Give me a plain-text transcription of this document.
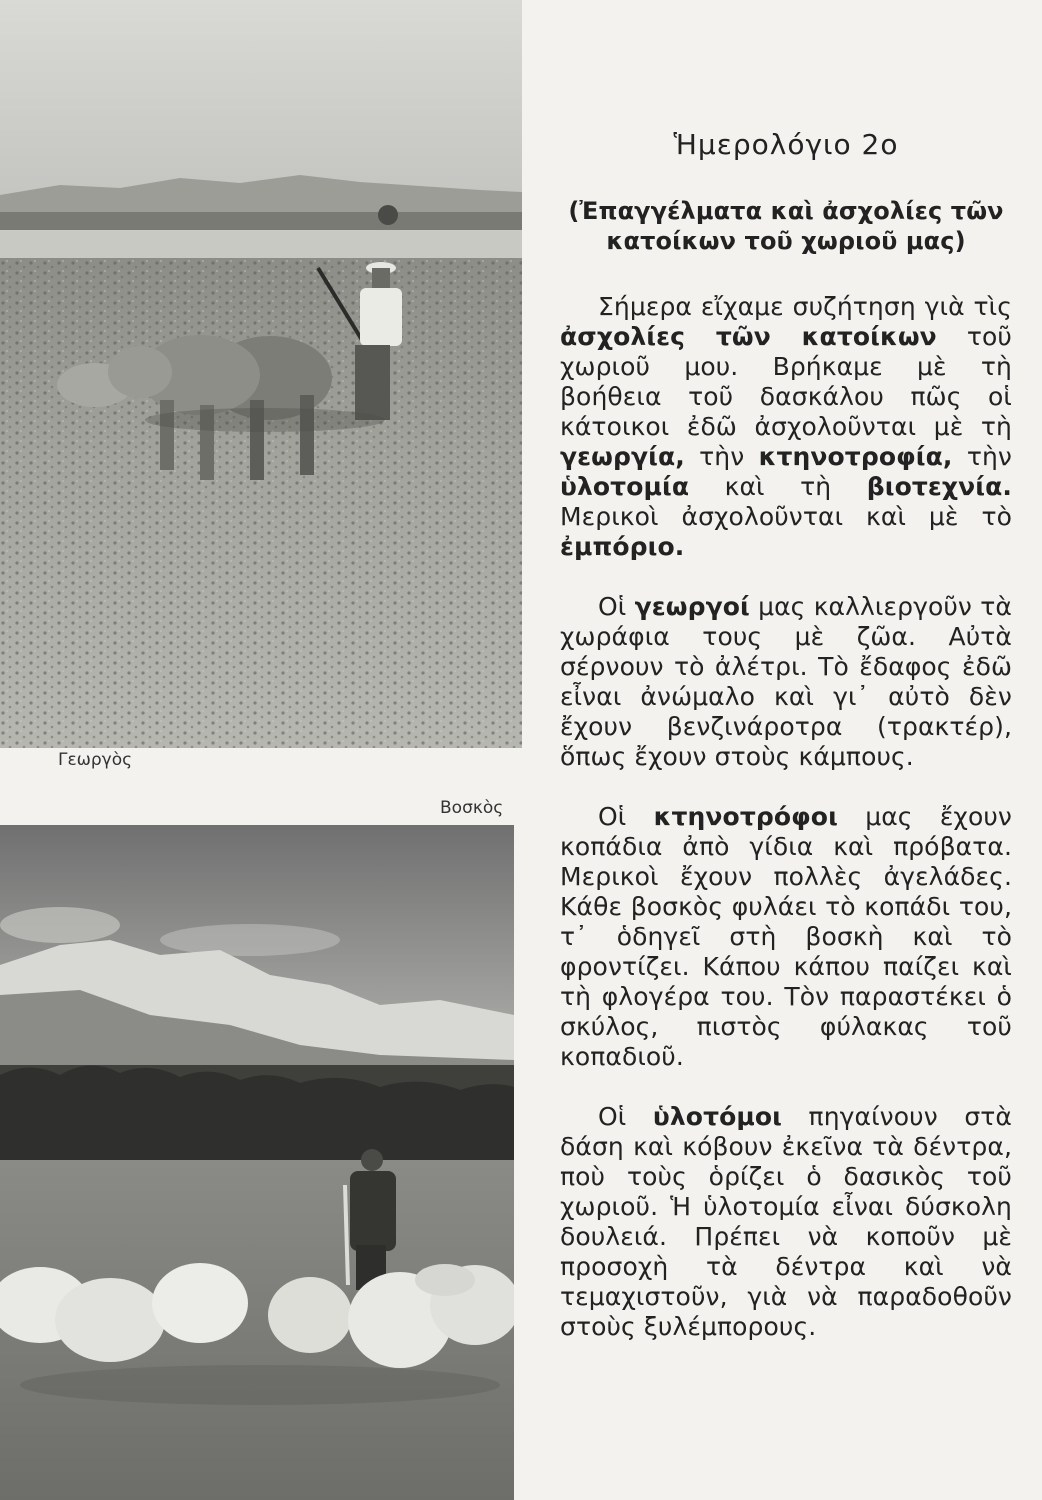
Γεωργὸς
Βοσκὸς
Ἡμερολόγιο 2ο
(Ἐπαγγέλματα καὶ ἀσχολίες τῶν κατοίκων τοῦ χωριοῦ μας)

Σήμερα εἴχαμε συζήτηση γιὰ τὶς ἀσχολίες τῶν κατοίκων τοῦ χωριοῦ μου. Βρήκαμε μὲ τὴ βοήθεια τοῦ δασκάλου πῶς οἱ κάτοικοι ἐδῶ ἀσχολοῦνται μὲ τὴ γεωργία, τὴν κτηνοτροφία, τὴν ὑλοτομία καὶ τὴ βιοτεχνία. Μερικοὶ ἀσχολοῦνται καὶ μὲ τὸ ἐμπόριο.

Οἱ γεωργοί μας καλλιεργοῦν τὰ χωράφια τους μὲ ζῶα. Αὐτὰ σέρνουν τὸ ἀλέτρι. Τὸ ἔδαφος ἐδῶ εἶναι ἀνώμαλο καὶ γι᾽ αὐτὸ δὲν ἔχουν βενζινάροτρα (τρακτέρ), ὅπως ἔχουν στοὺς κάμπους.

Οἱ κτηνοτρόφοι μας ἔχουν κοπάδια ἀπὸ γίδια καὶ πρόβατα. Μερικοὶ ἔχουν πολλὲς ἀγελάδες. Κάθε βοσκὸς φυλάει τὸ κοπάδι του, τ᾽ ὁδηγεῖ στὴ βοσκὴ καὶ τὸ φροντίζει. Κάπου κάπου παίζει καὶ τὴ φλογέρα του. Τὸν παραστέκει ὁ σκύλος, πιστὸς φύλακας τοῦ κοπαδιοῦ.

Οἱ ὑλοτόμοι πηγαίνουν στὰ δάση καὶ κόβουν ἐκεῖνα τὰ δέντρα, ποὺ τοὺς ὁρίζει ὁ δασικὸς τοῦ χωριοῦ. Ἡ ὑλοτομία εἶναι δύσκολη δουλειά. Πρέπει νὰ κοποῦν μὲ προσοχὴ τὰ δέντρα καὶ νὰ τεμαχιστοῦν, γιὰ νὰ παραδοθοῦν στοὺς ξυλέμπορους.
